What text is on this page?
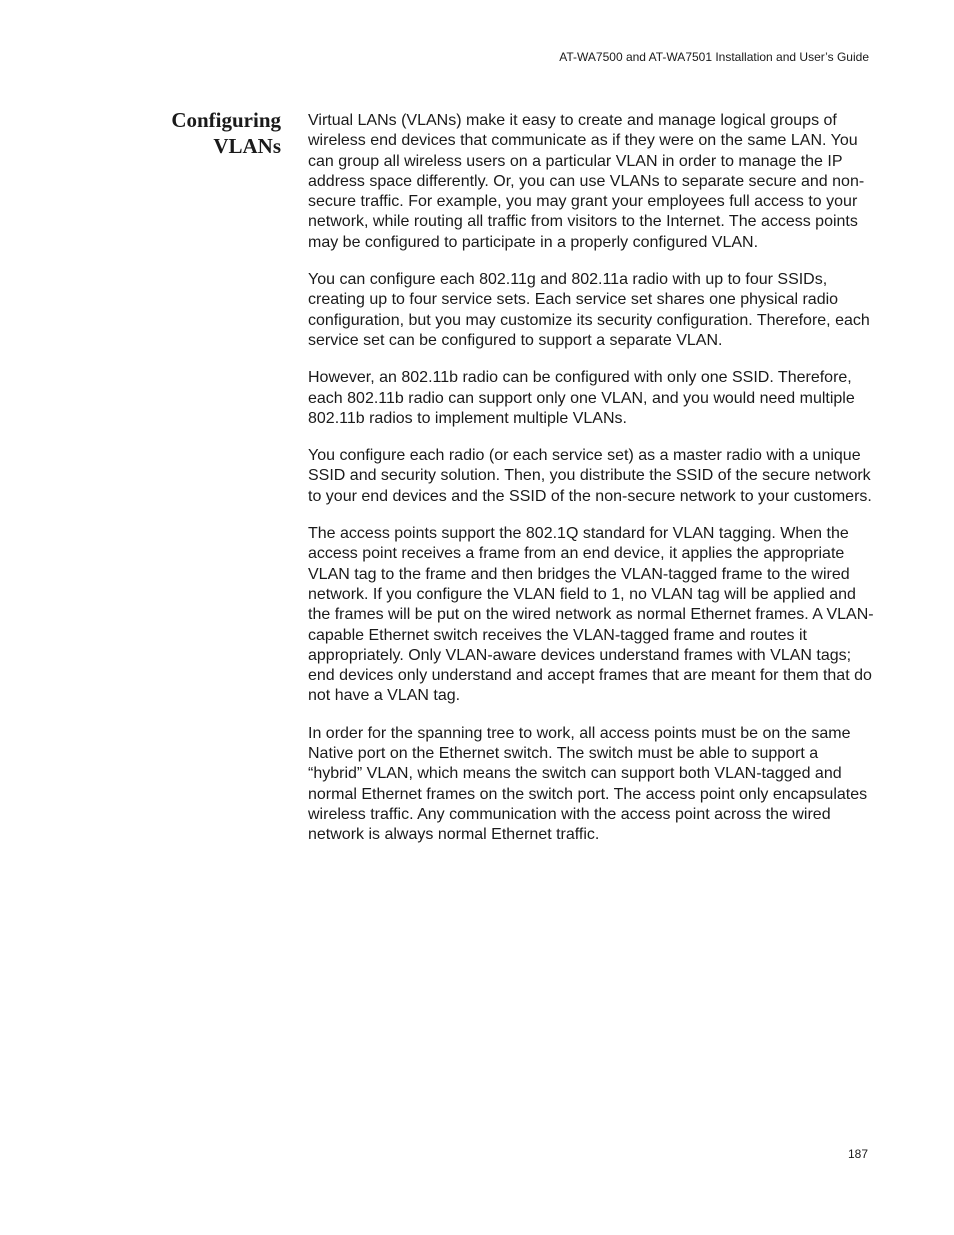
AT-WA7500 and AT-WA7501 Installation and User’s Guide
Configuring
VLANs

Virtual LANs (VLANs) make it easy to create and manage logical groups of wireless end devices that communicate as if they were on the same LAN. You can group all wireless users on a particular VLAN in order to manage the IP address space differently. Or, you can use VLANs to separate secure and non-secure traffic. For example, you may grant your employees full access to your network, while routing all traffic from visitors to the Internet. The access points may be configured to participate in a properly configured VLAN.

You can configure each 802.11g and 802.11a radio with up to four SSIDs, creating up to four service sets. Each service set shares one physical radio configuration, but you may customize its security configuration. Therefore, each service set can be configured to support a separate VLAN.

However, an 802.11b radio can be configured with only one SSID. Therefore, each 802.11b radio can support only one VLAN, and you would need multiple 802.11b radios to implement multiple VLANs.

You configure each radio (or each service set) as a master radio with a unique SSID and security solution. Then, you distribute the SSID of the secure network to your end devices and the SSID of the non-secure network to your customers.

The access points support the 802.1Q standard for VLAN tagging. When the access point receives a frame from an end device, it applies the appropriate VLAN tag to the frame and then bridges the VLAN-tagged frame to the wired network. If you configure the VLAN field to 1, no VLAN tag will be applied and the frames will be put on the wired network as normal Ethernet frames. A VLAN-capable Ethernet switch receives the VLAN-tagged frame and routes it appropriately. Only VLAN-aware devices understand frames with VLAN tags; end devices only understand and accept frames that are meant for them that do not have a VLAN tag.

In order for the spanning tree to work, all access points must be on the same Native port on the Ethernet switch. The switch must be able to support a “hybrid” VLAN, which means the switch can support both VLAN-tagged and normal Ethernet frames on the switch port. The access point only encapsulates wireless traffic. Any communication with the access point across the wired network is always normal Ethernet traffic.

187
